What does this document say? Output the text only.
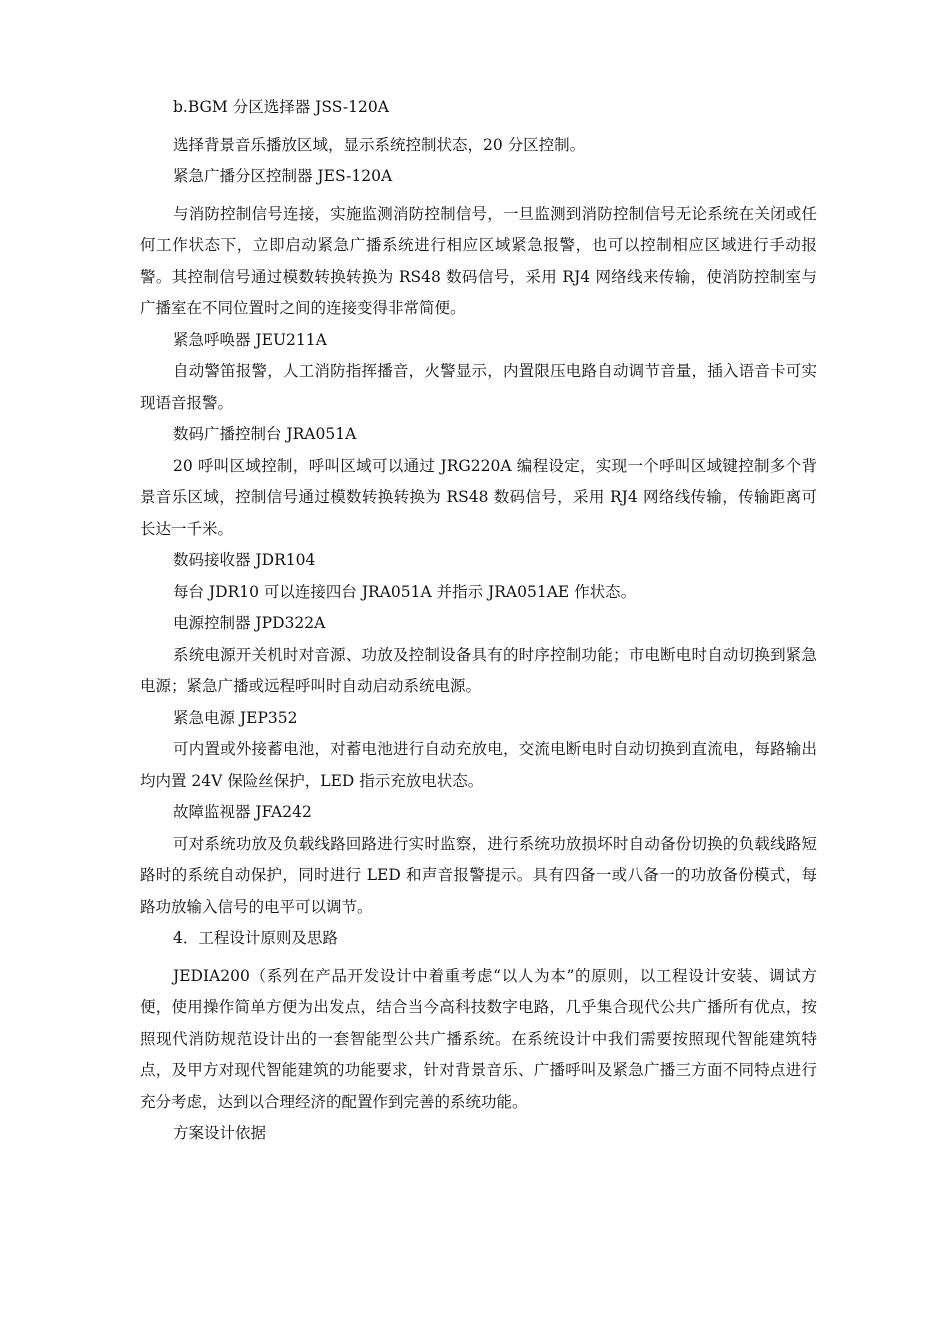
b.BGM 分区选择器 JSS-120A

选择背景音乐播放区域，显示系统控制状态，20 分区控制。

紧急广播分区控制器 JES-120A

与消防控制信号连接，实施监测消防控制信号，一旦监测到消防控制信号无论系统在关闭或任何工作状态下，立即启动紧急广播系统进行相应区域紧急报警，也可以控制相应区域进行手动报警。其控制信号通过模数转换转换为 RS48 数码信号，采用 RJ4 网络线来传输，使消防控制室与广播室在不同位置时之间的连接变得非常简便。

紧急呼唤器 JEU211A

自动警笛报警，人工消防指挥播音，火警显示，内置限压电路自动调节音量，插入语音卡可实现语音报警。

数码广播控制台 JRA051A

20 呼叫区域控制，呼叫区域可以通过 JRG220A 编程设定，实现一个呼叫区域键控制多个背景音乐区域，控制信号通过模数转换转换为 RS48 数码信号，采用 RJ4 网络线传输，传输距离可长达一千米。

数码接收器 JDR104

每台 JDR10 可以连接四台 JRA051A 并指示 JRA051AE 作状态。

电源控制器 JPD322A

系统电源开关机时对音源、功放及控制设备具有的时序控制功能；市电断电时自动切换到紧急电源；紧急广播或远程呼叫时自动启动系统电源。

紧急电源 JEP352

可内置或外接蓄电池，对蓄电池进行自动充放电，交流电断电时自动切换到直流电，每路输出均内置 24V 保险丝保护，LED 指示充放电状态。

故障监视器 JFA242

可对系统功放及负载线路回路进行实时监察，进行系统功放损坏时自动备份切换的负载线路短路时的系统自动保护，同时进行 LED 和声音报警提示。具有四备一或八备一的功放备份模式，每路功放输入信号的电平可以调节。

4．工程设计原则及思路

JEDIA200（系列在产品开发设计中着重考虑“以人为本”的原则，以工程设计安装、调试方便，使用操作简单方便为出发点，结合当今高科技数字电路，几乎集合现代公共广播所有优点，按照现代消防规范设计出的一套智能型公共广播系统。在系统设计中我们需要按照现代智能建筑特点，及甲方对现代智能建筑的功能要求，针对背景音乐、广播呼叫及紧急广播三方面不同特点进行充分考虑，达到以合理经济的配置作到完善的系统功能。

方案设计依据
